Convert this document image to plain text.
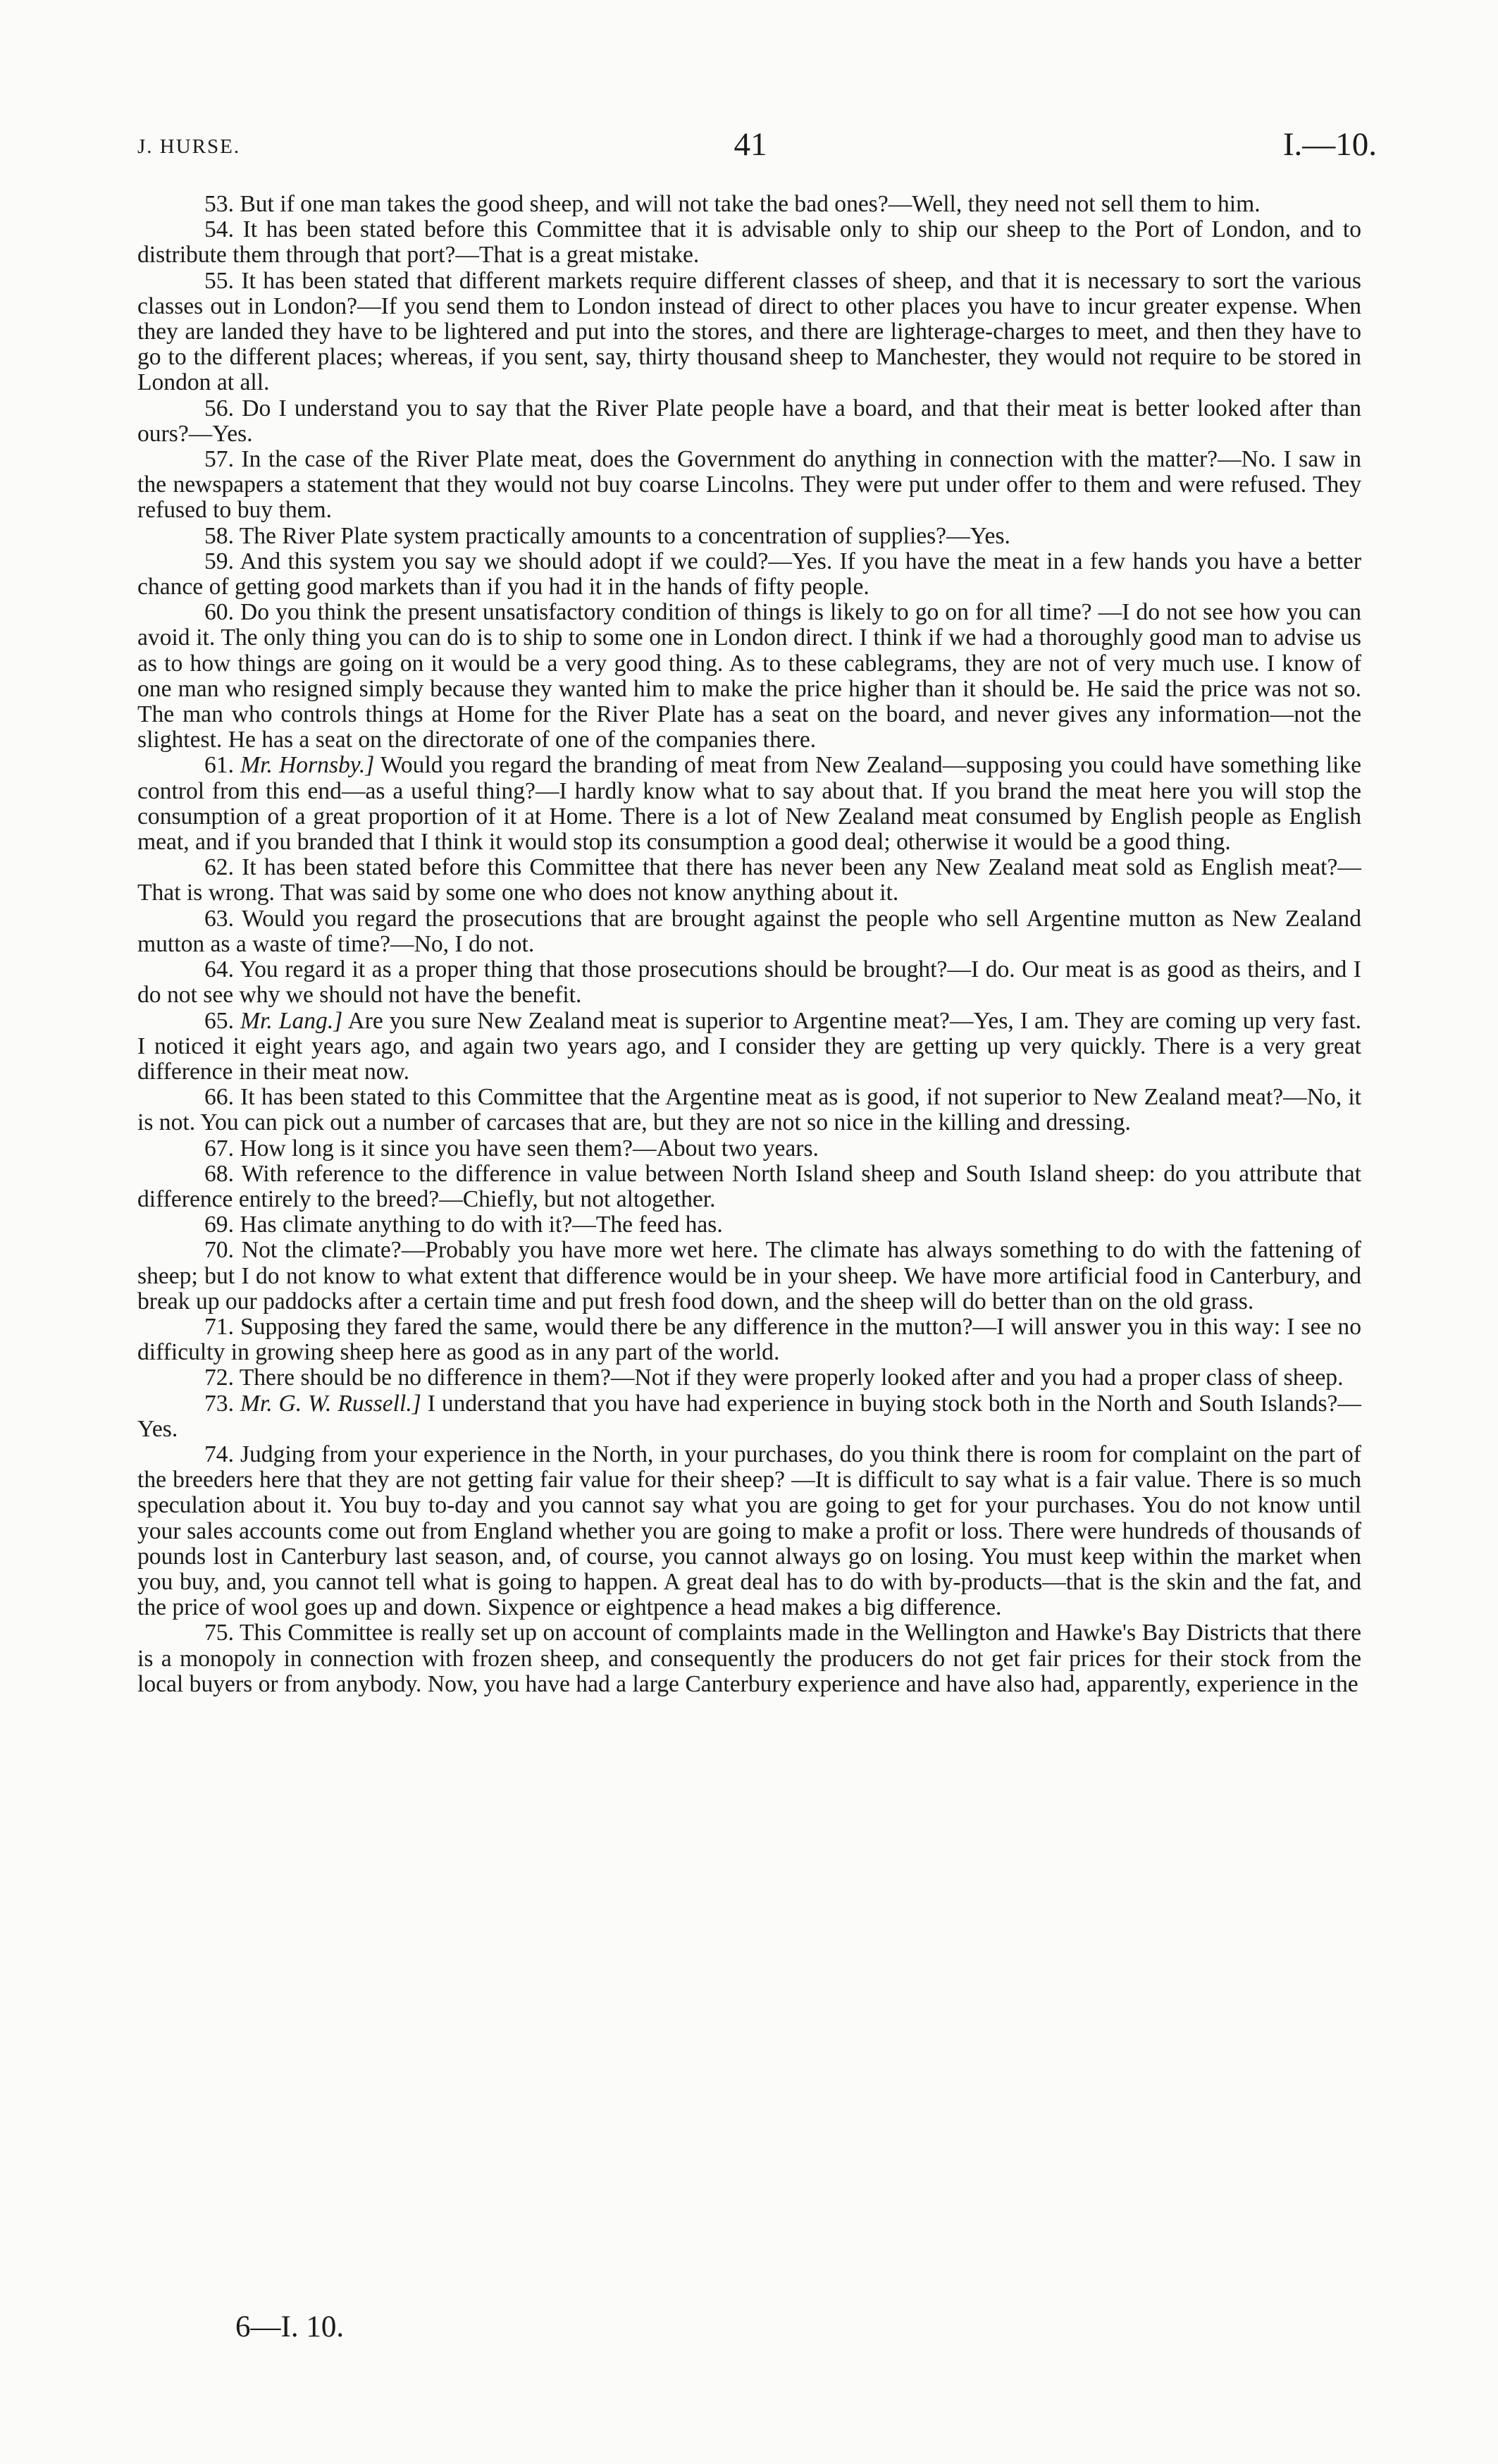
J. HURSE.	41	I.—10.

53. But if one man takes the good sheep, and will not take the bad ones?—Well, they need not sell them to him.

54. It has been stated before this Committee that it is advisable only to ship our sheep to the Port of London, and to distribute them through that port?—That is a great mistake.

55. It has been stated that different markets require different classes of sheep, and that it is necessary to sort the various classes out in London?—If you send them to London instead of direct to other places you have to incur greater expense. When they are landed they have to be lightered and put into the stores, and there are lighterage-charges to meet, and then they have to go to the different places; whereas, if you sent, say, thirty thousand sheep to Manchester, they would not require to be stored in London at all.

56. Do I understand you to say that the River Plate people have a board, and that their meat is better looked after than ours?—Yes.

57. In the case of the River Plate meat, does the Government do anything in connection with the matter?—No. I saw in the newspapers a statement that they would not buy coarse Lincolns. They were put under offer to them and were refused. They refused to buy them.

58. The River Plate system practically amounts to a concentration of supplies?—Yes.

59. And this system you say we should adopt if we could?—Yes. If you have the meat in a few hands you have a better chance of getting good markets than if you had it in the hands of fifty people.

60. Do you think the present unsatisfactory condition of things is likely to go on for all time? —I do not see how you can avoid it. The only thing you can do is to ship to some one in London direct. I think if we had a thoroughly good man to advise us as to how things are going on it would be a very good thing. As to these cablegrams, they are not of very much use. I know of one man who resigned simply because they wanted him to make the price higher than it should be. He said the price was not so. The man who controls things at Home for the River Plate has a seat on the board, and never gives any information—not the slightest. He has a seat on the directorate of one of the companies there.

61. Mr. Hornsby.] Would you regard the branding of meat from New Zealand—supposing you could have something like control from this end—as a useful thing?—I hardly know what to say about that. If you brand the meat here you will stop the consumption of a great proportion of it at Home. There is a lot of New Zealand meat consumed by English people as English meat, and if you branded that I think it would stop its consumption a good deal; otherwise it would be a good thing.

62. It has been stated before this Committee that there has never been any New Zealand meat sold as English meat?—That is wrong. That was said by some one who does not know anything about it.

63. Would you regard the prosecutions that are brought against the people who sell Argentine mutton as New Zealand mutton as a waste of time?—No, I do not.

64. You regard it as a proper thing that those prosecutions should be brought?—I do. Our meat is as good as theirs, and I do not see why we should not have the benefit.

65. Mr. Lang.] Are you sure New Zealand meat is superior to Argentine meat?—Yes, I am. They are coming up very fast. I noticed it eight years ago, and again two years ago, and I consider they are getting up very quickly. There is a very great difference in their meat now.

66. It has been stated to this Committee that the Argentine meat as is good, if not superior to New Zealand meat?—No, it is not. You can pick out a number of carcases that are, but they are not so nice in the killing and dressing.

67. How long is it since you have seen them?—About two years.

68. With reference to the difference in value between North Island sheep and South Island sheep: do you attribute that difference entirely to the breed?—Chiefly, but not altogether.

69. Has climate anything to do with it?—The feed has.

70. Not the climate?—Probably you have more wet here. The climate has always something to do with the fattening of sheep; but I do not know to what extent that difference would be in your sheep. We have more artificial food in Canterbury, and break up our paddocks after a certain time and put fresh food down, and the sheep will do better than on the old grass.

71. Supposing they fared the same, would there be any difference in the mutton?—I will answer you in this way: I see no difficulty in growing sheep here as good as in any part of the world.

72. There should be no difference in them?—Not if they were properly looked after and you had a proper class of sheep.

73. Mr. G. W. Russell.] I understand that you have had experience in buying stock both in the North and South Islands?—Yes.

74. Judging from your experience in the North, in your purchases, do you think there is room for complaint on the part of the breeders here that they are not getting fair value for their sheep? —It is difficult to say what is a fair value. There is so much speculation about it. You buy to-day and you cannot say what you are going to get for your purchases. You do not know until your sales accounts come out from England whether you are going to make a profit or loss. There were hundreds of thousands of pounds lost in Canterbury last season, and, of course, you cannot always go on losing. You must keep within the market when you buy, and, you cannot tell what is going to happen. A great deal has to do with by-products—that is the skin and the fat, and the price of wool goes up and down. Sixpence or eightpence a head makes a big difference.

75. This Committee is really set up on account of complaints made in the Wellington and Hawke's Bay Districts that there is a monopoly in connection with frozen sheep, and consequently the producers do not get fair prices for their stock from the local buyers or from anybody. Now, you have had a large Canterbury experience and have also had, apparently, experience in the

6—I. 10.
